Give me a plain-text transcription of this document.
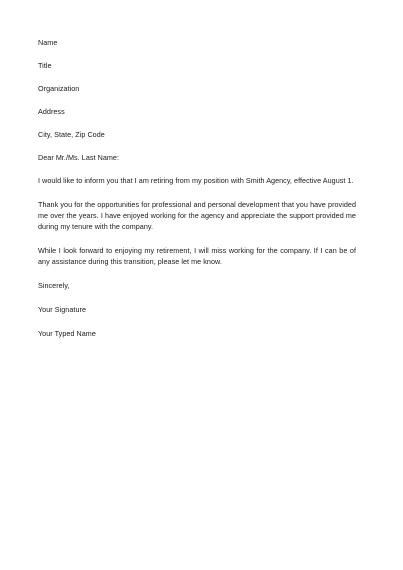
Name
Title
Organization
Address
City, State, Zip Code
Dear Mr./Ms. Last Name:
I would like to inform you that I am retiring from my position with Smith Agency, effective August 1.
Thank you for the opportunities for professional and personal development that you have provided me over the years. I have enjoyed working for the agency and appreciate the support provided me during my tenure with the company.
While I look forward to enjoying my retirement, I will miss working for the company. If I can be of any assistance during this transition, please let me know.
Sincerely,
Your Signature
Your Typed Name
